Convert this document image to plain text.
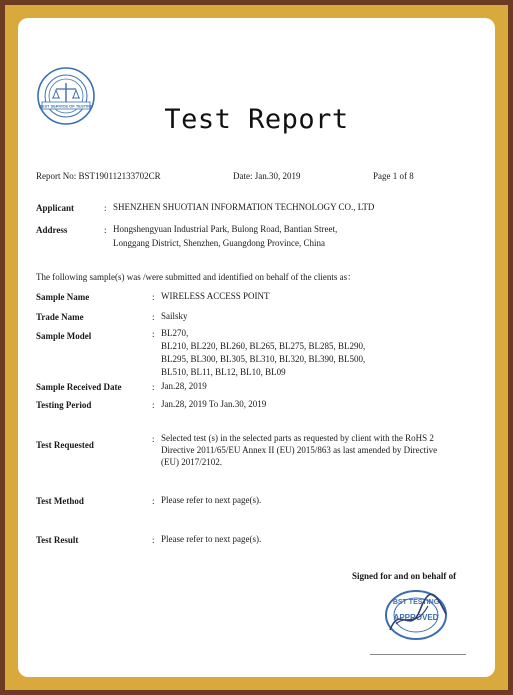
BEST SERVICE OF TESTING	Test Report
Report No: BST190112133702CR	Date: Jan.30, 2019	Page 1 of 8
Applicant	: SHENZHEN SHUOTIAN INFORMATION TECHNOLOGY CO., LTD
Address	: Hongshengyuan Industrial Park, Bulong Road, Bantian Street,
Longgang District, Shenzhen, Guangdong Province, China
The following sample(s) was /were submitted and identified on behalf of the clients as：
Sample Name	: WIRELESS ACCESS POINT
Trade Name	: Sailsky
Sample Model	: BL270,
BL210, BL220, BL260, BL265, BL275, BL285, BL290,
BL295, BL300, BL305, BL310, BL320, BL390, BL500,
BL510, BL11, BL12, BL10, BL09
Sample Received Date	: Jan.28, 2019
Testing Period	: Jan.28, 2019 To Jan.30, 2019
Test Requested
: Selected test (s) in the selected parts as requested by client with the RoHS 2
Directive 2011/65/EU Annex II (EU) 2015/863 as last amended by Directive
(EU) 2017/2102.
Test Method	: Please refer to next page(s).
Test Result	: Please refer to next page(s).
Signed for and on behalf of
BST TESTING
APPROVED
